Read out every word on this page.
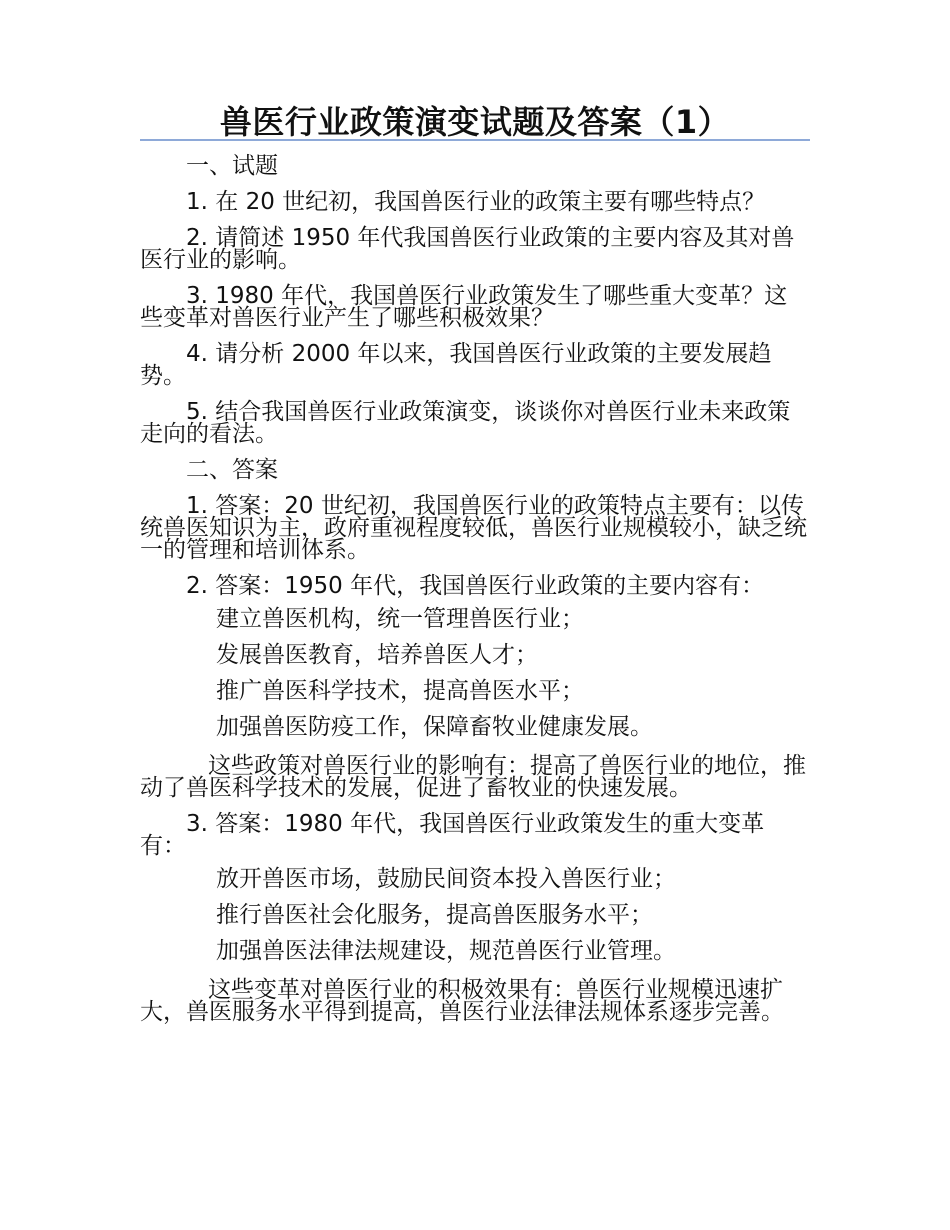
兽医行业政策演变试题及答案（1）

一、试题

1. 在 20 世纪初，我国兽医行业的政策主要有哪些特点？

2. 请简述 1950 年代我国兽医行业政策的主要内容及其对兽医行业的影响。

3. 1980 年代，我国兽医行业政策发生了哪些重大变革？这些变革对兽医行业产生了哪些积极效果？

4. 请分析 2000 年以来，我国兽医行业政策的主要发展趋势。

5. 结合我国兽医行业政策演变，谈谈你对兽医行业未来政策走向的看法。

二、答案

1. 答案：20 世纪初，我国兽医行业的政策特点主要有：以传统兽医知识为主，政府重视程度较低，兽医行业规模较小，缺乏统一的管理和培训体系。

2. 答案：1950 年代，我国兽医行业政策的主要内容有：

建立兽医机构，统一管理兽医行业；

发展兽医教育，培养兽医人才；

推广兽医科学技术，提高兽医水平；

加强兽医防疫工作，保障畜牧业健康发展。

这些政策对兽医行业的影响有：提高了兽医行业的地位，推动了兽医科学技术的发展，促进了畜牧业的快速发展。

3. 答案：1980 年代，我国兽医行业政策发生的重大变革有：

放开兽医市场，鼓励民间资本投入兽医行业；

推行兽医社会化服务，提高兽医服务水平；

加强兽医法律法规建设，规范兽医行业管理。

这些变革对兽医行业的积极效果有：兽医行业规模迅速扩大，兽医服务水平得到提高，兽医行业法律法规体系逐步完善。
